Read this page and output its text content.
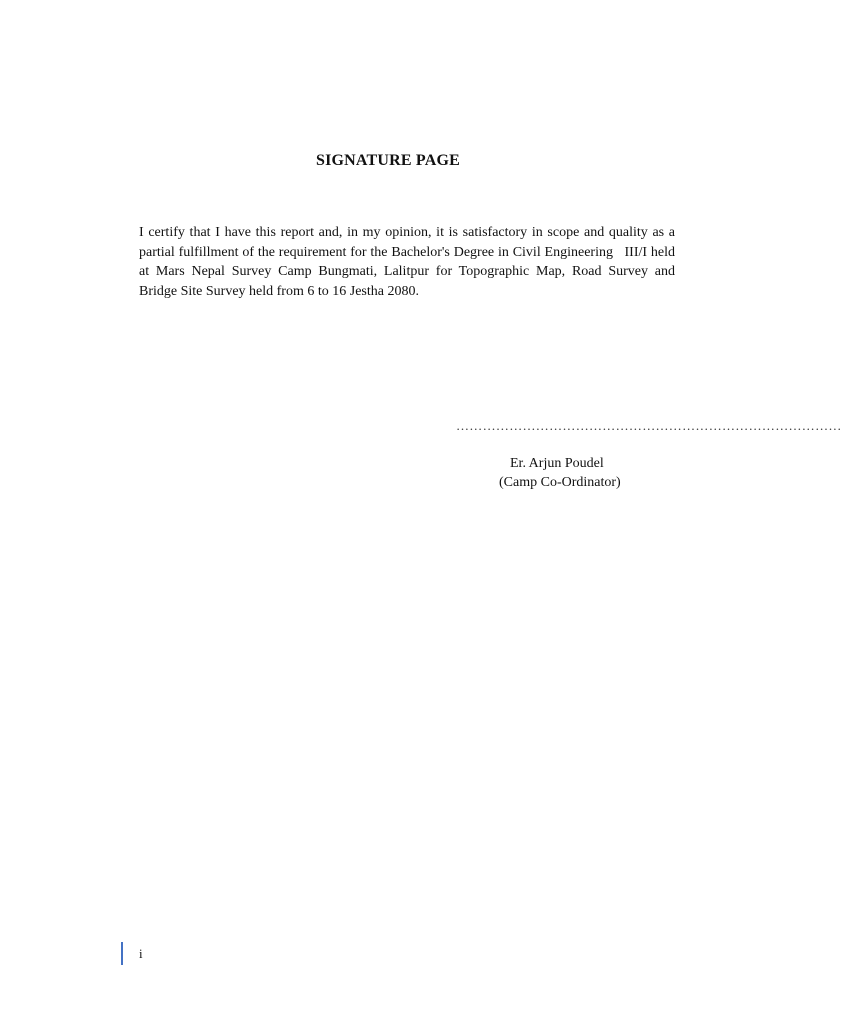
SIGNATURE PAGE

I certify that I have this report and, in my opinion, it is satisfactory in scope and quality as a partial fulfillment of the requirement for the Bachelor's Degree in Civil Engineering   III/I held at Mars Nepal Survey Camp Bungmati, Lalitpur for Topographic Map, Road Survey and Bridge Site Survey held from 6 to 16 Jestha 2080.

……………………………………………………………………………
Er. Arjun Poudel
(Camp Co-Ordinator)
i
